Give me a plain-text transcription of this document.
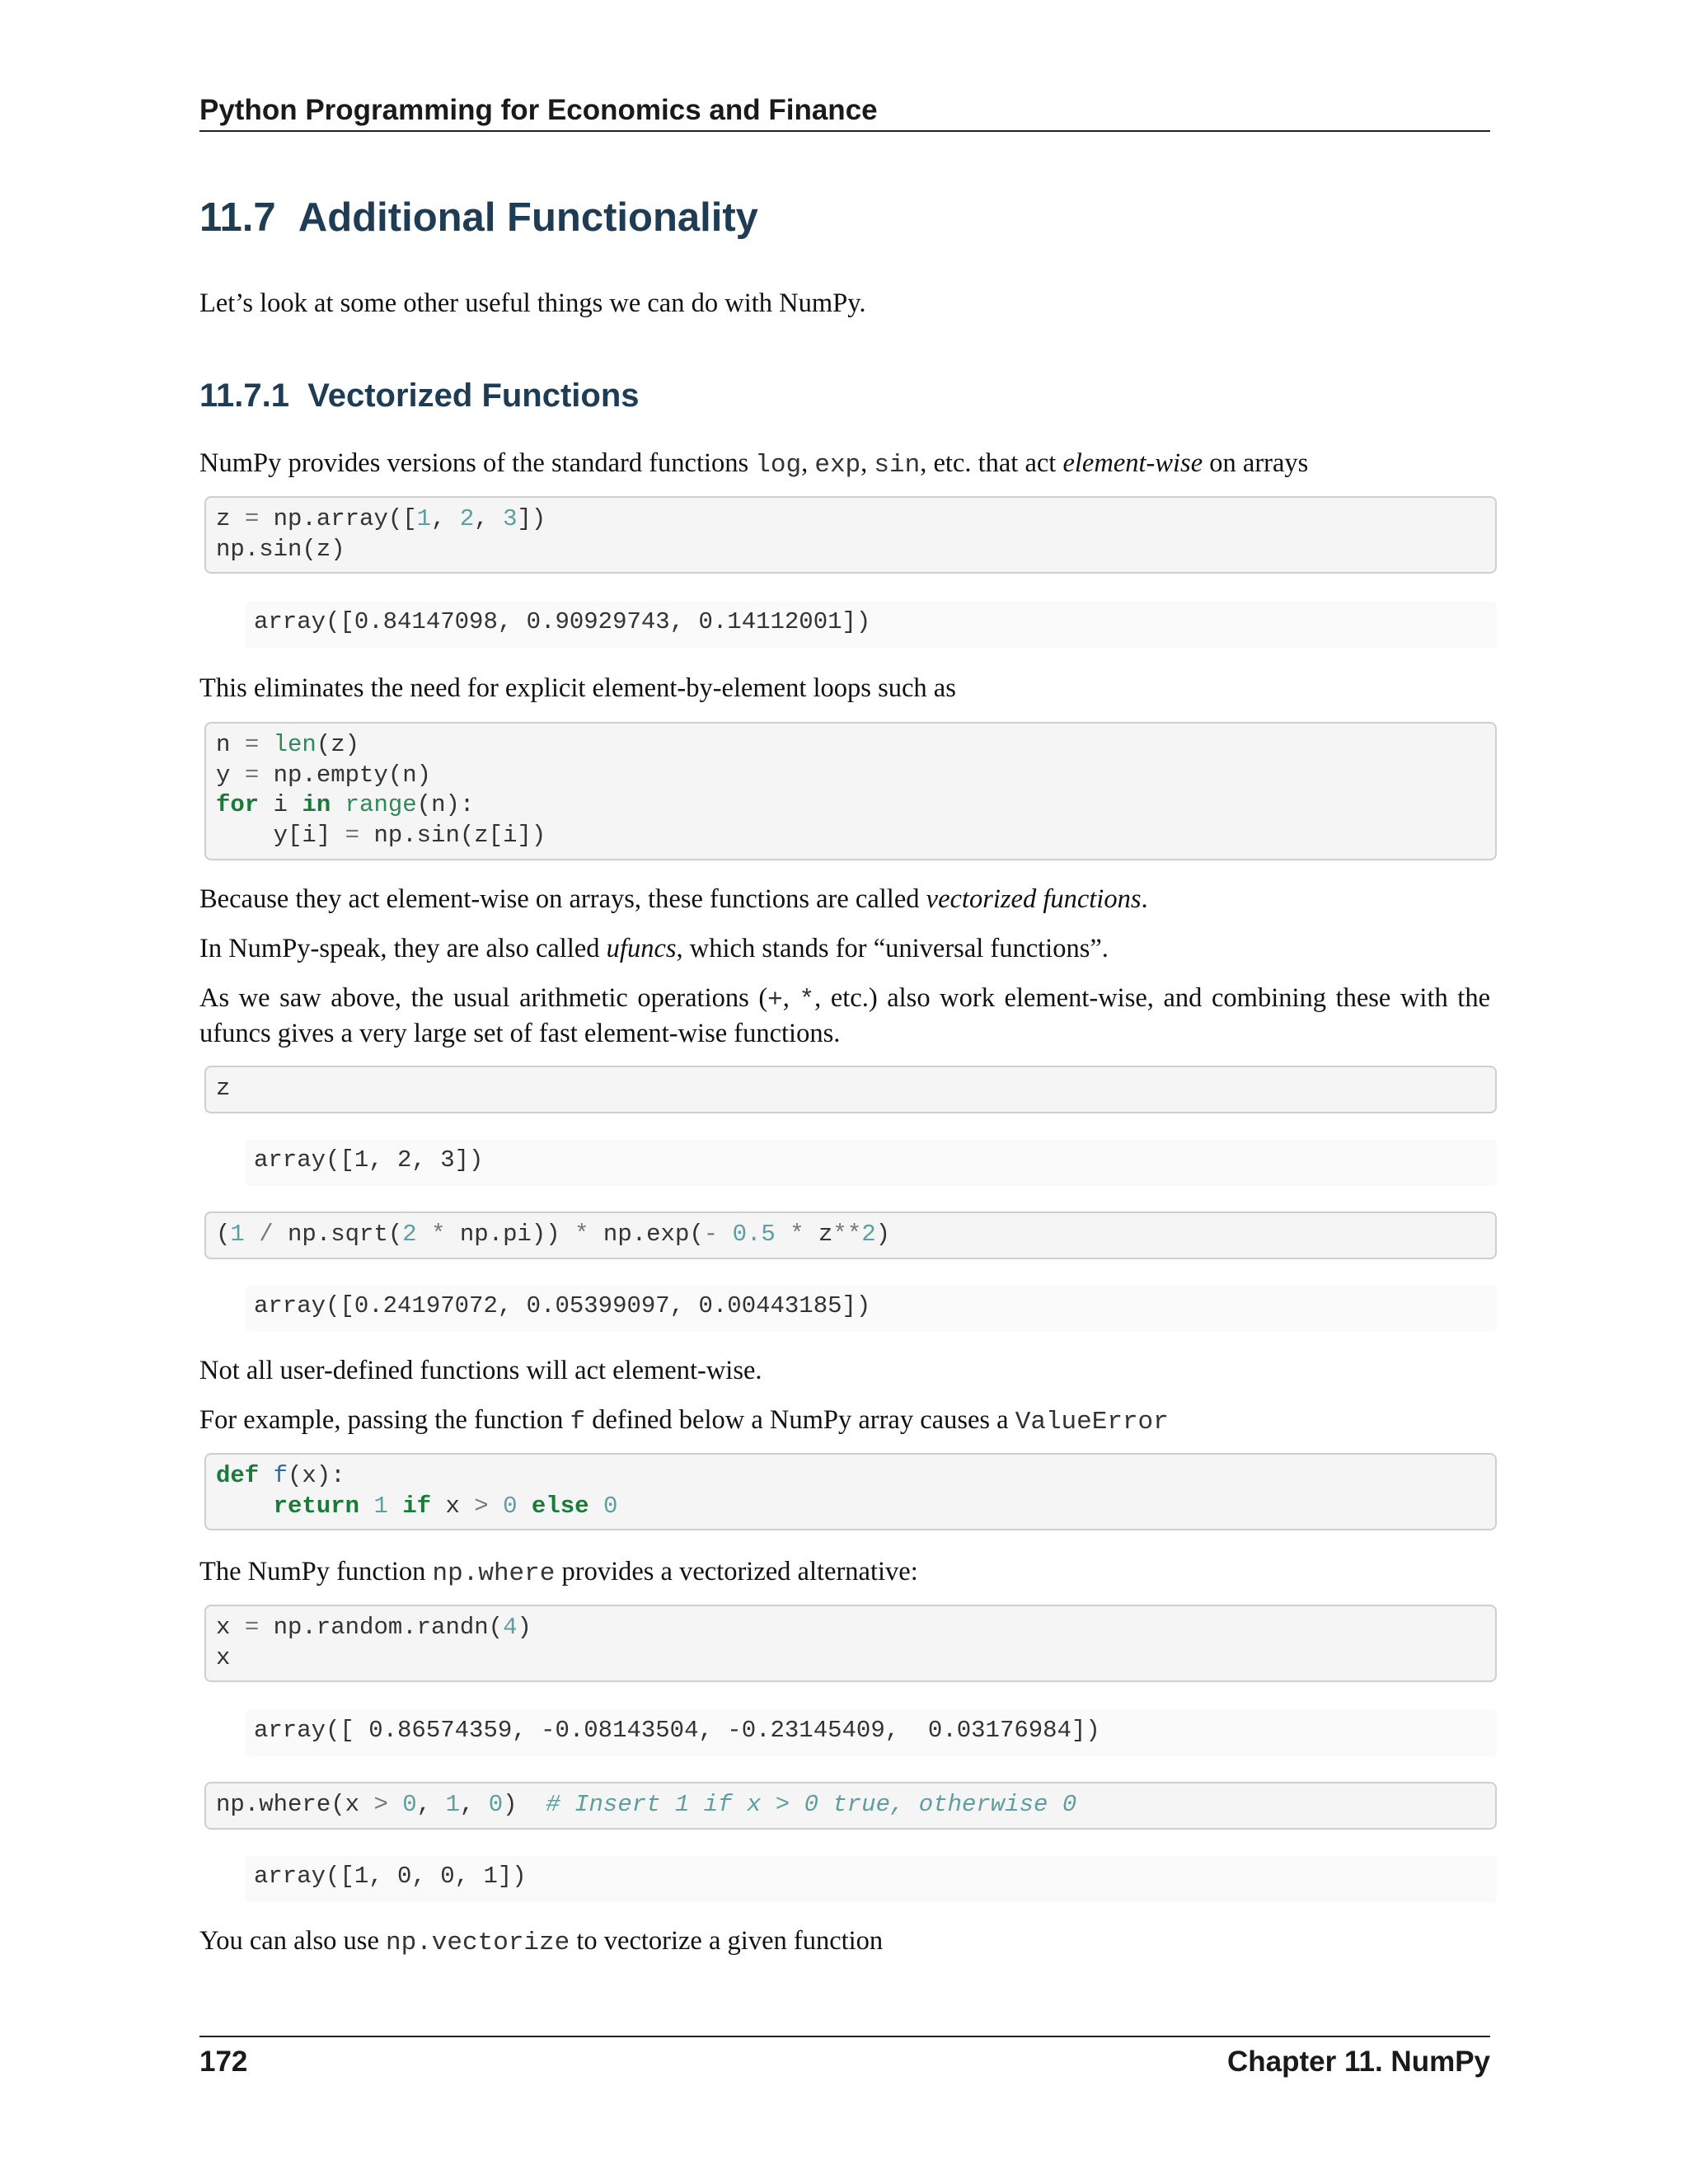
Python Programming for Economics and Finance
11.7 Additional Functionality
Let’s look at some other useful things we can do with NumPy.
11.7.1 Vectorized Functions
NumPy provides versions of the standard functions log, exp, sin, etc. that act element-wise on arrays
z = np.array([1, 2, 3])
np.sin(z)
array([0.84147098, 0.90929743, 0.14112001])
This eliminates the need for explicit element-by-element loops such as
n = len(z)
y = np.empty(n)
for i in range(n):
y[i] = np.sin(z[i])
Because they act element-wise on arrays, these functions are called vectorized functions.
In NumPy-speak, they are also called ufuncs, which stands for “universal functions”.
As we saw above, the usual arithmetic operations (+, *, etc.) also work element-wise, and combining these with the ufuncs gives a very large set of fast element-wise functions.
z
array([1, 2, 3])
(1 / np.sqrt(2 * np.pi)) * np.exp(- 0.5 * z**2)
array([0.24197072, 0.05399097, 0.00443185])
Not all user-defined functions will act element-wise.
For example, passing the function f defined below a NumPy array causes a ValueError
def f(x):
return 1 if x > 0 else 0
The NumPy function np.where provides a vectorized alternative:
x = np.random.randn(4)
x
array([ 0.86574359, -0.08143504, -0.23145409,  0.03176984])
np.where(x > 0, 1, 0)  # Insert 1 if x > 0 true, otherwise 0
array([1, 0, 0, 1])
You can also use np.vectorize to vectorize a given function
172	Chapter 11. NumPy
